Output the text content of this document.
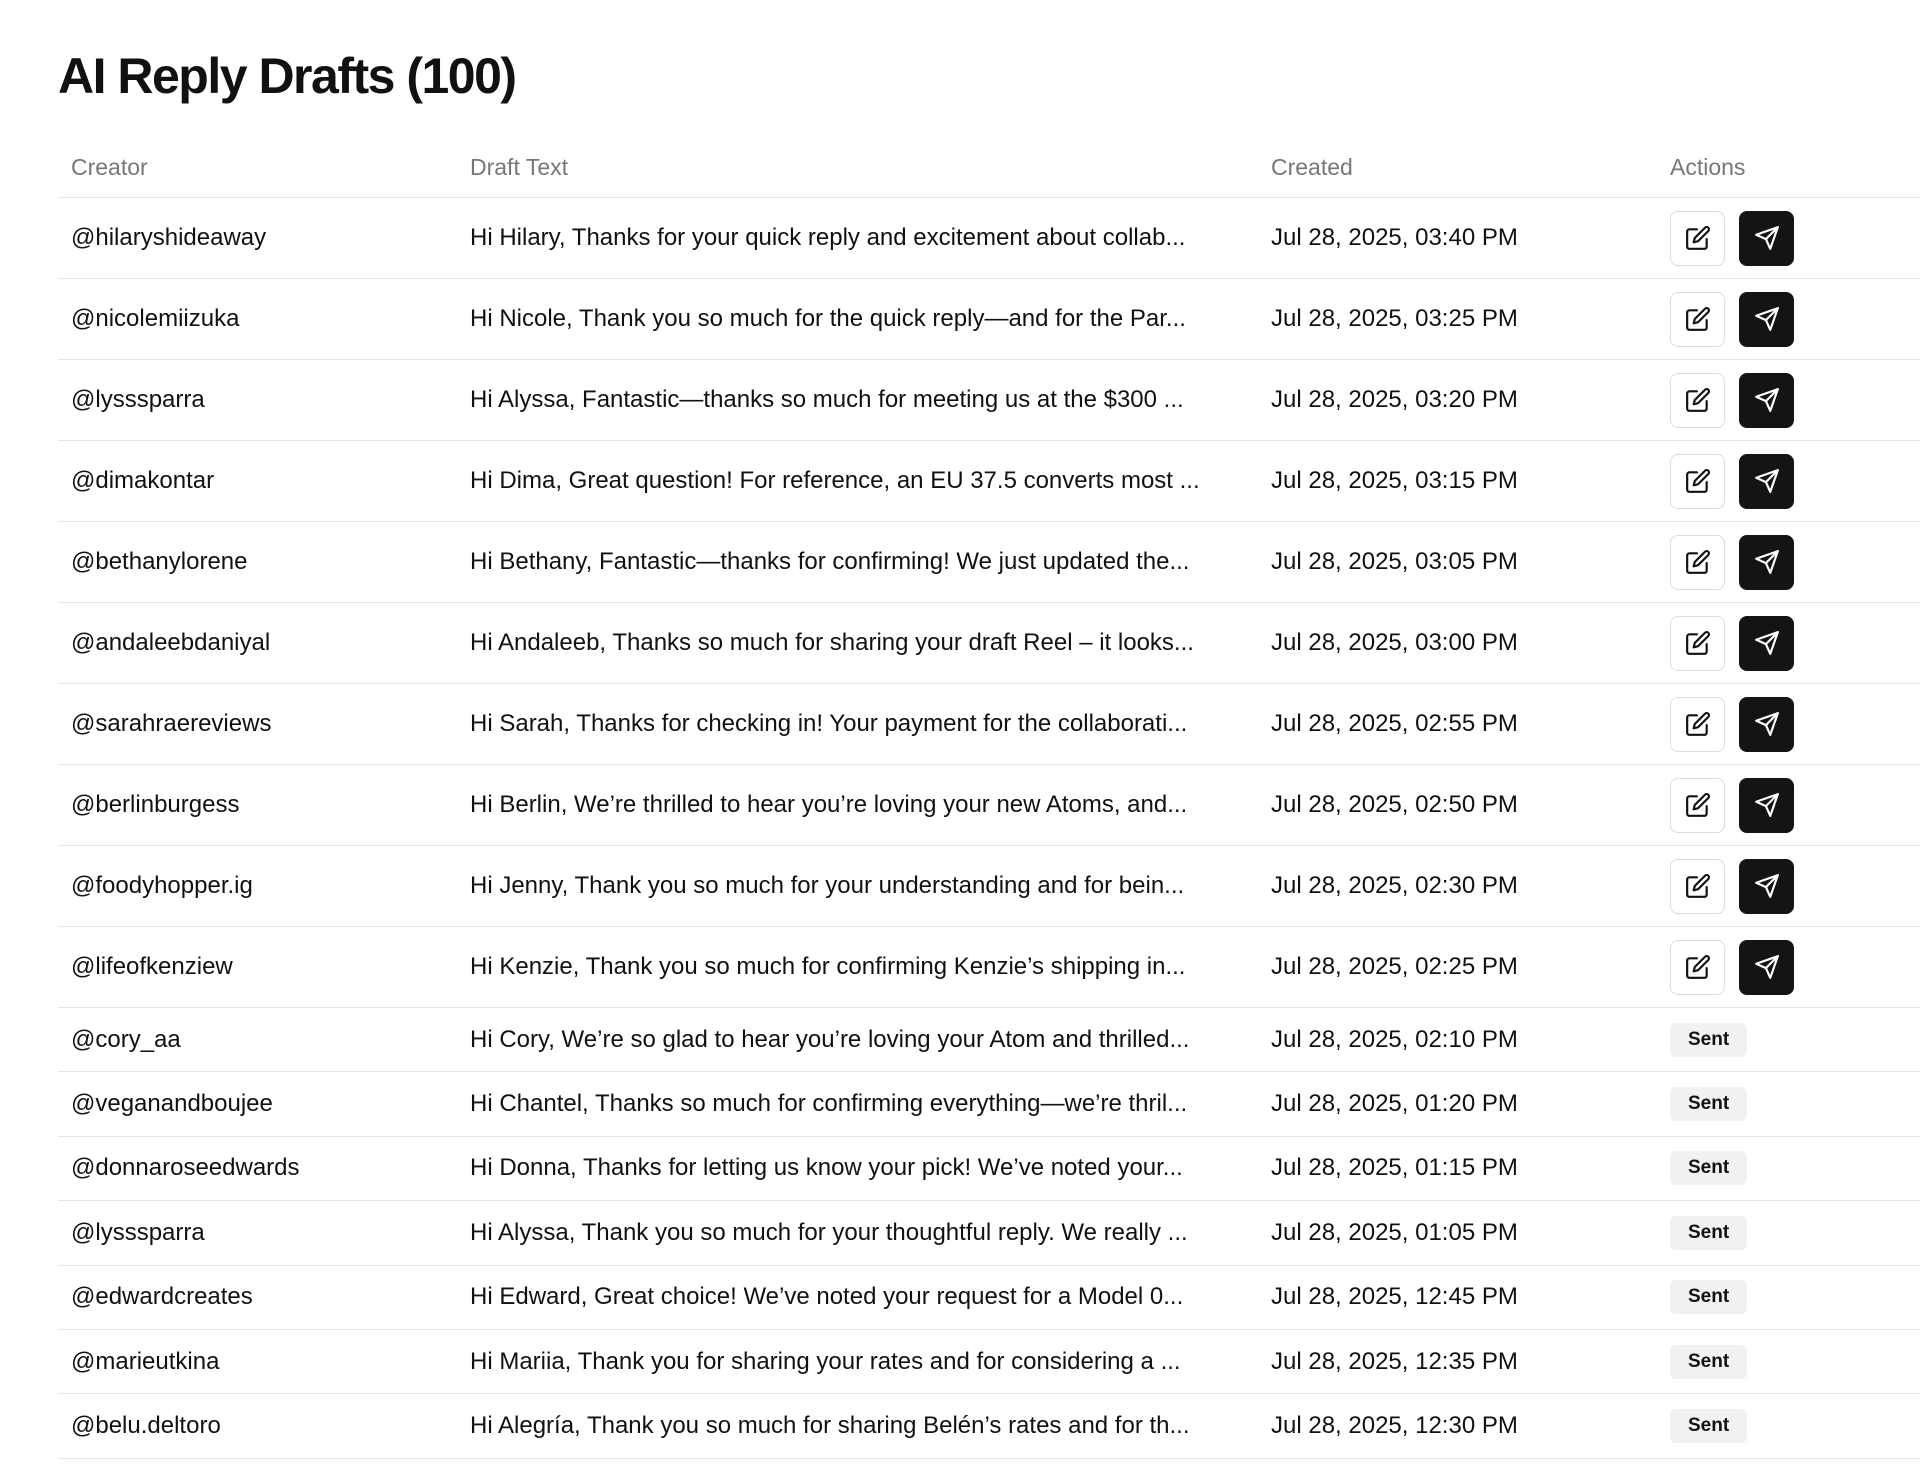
AI Reply Drafts (100)
Creator	Draft Text	Created	Actions
@hilaryshideaway	Hi Hilary, Thanks for your quick reply and excitement about collab...	Jul 28, 2025, 03:40 PM
@nicolemiizuka	Hi Nicole, Thank you so much for the quick reply—and for the Par...	Jul 28, 2025, 03:25 PM
@lysssparra	Hi Alyssa, Fantastic—thanks so much for meeting us at the $300 ...	Jul 28, 2025, 03:20 PM
@dimakontar	Hi Dima, Great question! For reference, an EU 37.5 converts most ...	Jul 28, 2025, 03:15 PM
@bethanylorene	Hi Bethany, Fantastic—thanks for confirming! We just updated the...	Jul 28, 2025, 03:05 PM
@andaleebdaniyal	Hi Andaleeb, Thanks so much for sharing your draft Reel – it looks...	Jul 28, 2025, 03:00 PM
@sarahraereviews	Hi Sarah, Thanks for checking in! Your payment for the collaborati...	Jul 28, 2025, 02:55 PM
@berlinburgess	Hi Berlin, We’re thrilled to hear you’re loving your new Atoms, and...	Jul 28, 2025, 02:50 PM
@foodyhopper.ig	Hi Jenny, Thank you so much for your understanding and for bein...	Jul 28, 2025, 02:30 PM
@lifeofkenziew	Hi Kenzie, Thank you so much for confirming Kenzie’s shipping in...	Jul 28, 2025, 02:25 PM
@cory_aa	Hi Cory, We’re so glad to hear you’re loving your Atom and thrilled...	Jul 28, 2025, 02:10 PM	Sent
@veganandboujee	Hi Chantel, Thanks so much for confirming everything—we’re thril...	Jul 28, 2025, 01:20 PM	Sent
@donnaroseedwards	Hi Donna, Thanks for letting us know your pick! We’ve noted your...	Jul 28, 2025, 01:15 PM	Sent
@lysssparra	Hi Alyssa, Thank you so much for your thoughtful reply. We really ...	Jul 28, 2025, 01:05 PM	Sent
@edwardcreates	Hi Edward, Great choice! We’ve noted your request for a Model 0...	Jul 28, 2025, 12:45 PM	Sent
@marieutkina	Hi Mariia, Thank you for sharing your rates and for considering a ...	Jul 28, 2025, 12:35 PM	Sent
@belu.deltoro	Hi Alegría, Thank you so much for sharing Belén’s rates and for th...	Jul 28, 2025, 12:30 PM	Sent
